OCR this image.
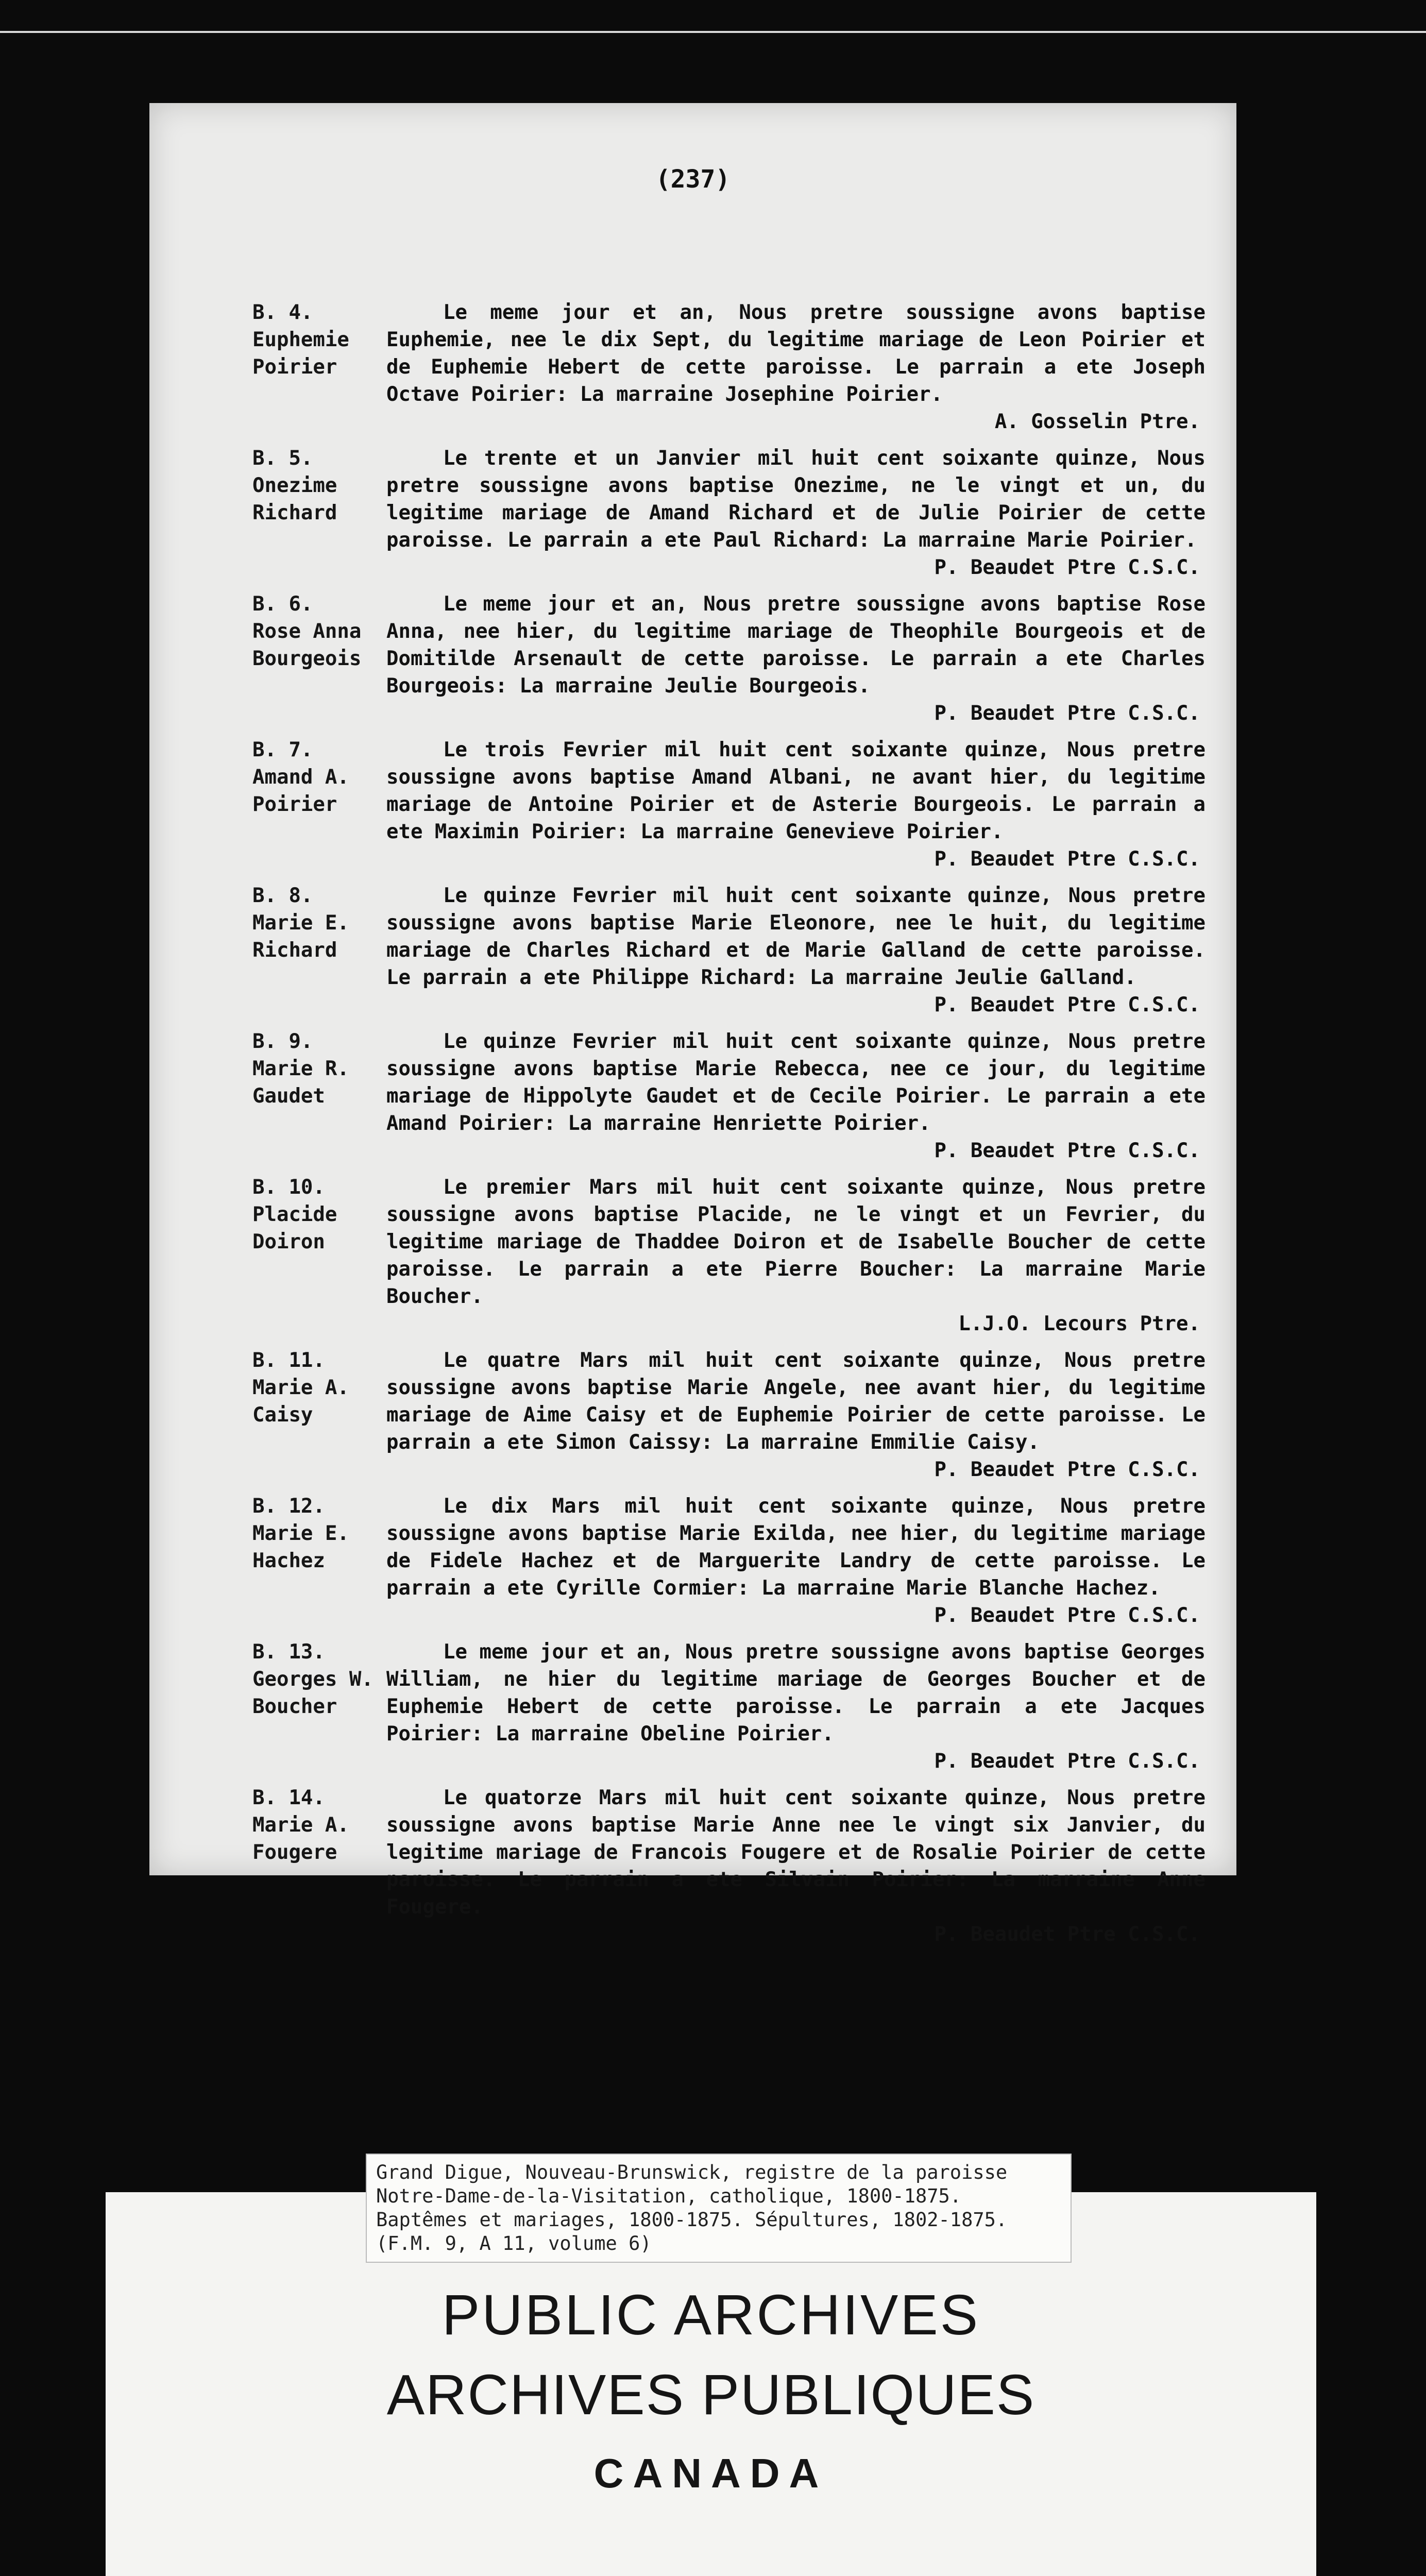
(237)
B. 4.
Euphemie
Poirier
Le meme jour et an, Nous pretre soussigne avons baptise Euphemie, nee le dix Sept, du legitime mariage de Leon Poirier et de Euphemie Hebert de cette paroisse. Le parrain a ete Joseph Octave Poirier: La marraine Josephine Poirier.
A. Gosselin Ptre.
B. 5.
Onezime
Richard
Le trente et un Janvier mil huit cent soixante quinze, Nous pretre soussigne avons baptise Onezime, ne le vingt et un, du legitime mariage de Amand Richard et de Julie Poirier de cette paroisse. Le parrain a ete Paul Richard: La marraine Marie Poirier.
P. Beaudet Ptre C.S.C.
B. 6.
Rose Anna
Bourgeois
Le meme jour et an, Nous pretre soussigne avons baptise Rose Anna, nee hier, du legitime mariage de Theophile Bourgeois et de Domitilde Arsenault de cette paroisse. Le parrain a ete Charles Bourgeois: La marraine Jeulie Bourgeois.
P. Beaudet Ptre C.S.C.
B. 7.
Amand A.
Poirier
Le trois Fevrier mil huit cent soixante quinze, Nous pretre soussigne avons baptise Amand Albani, ne avant hier, du legitime mariage de Antoine Poirier et de Asterie Bourgeois. Le parrain a ete Maximin Poirier: La marraine Genevieve Poirier.
P. Beaudet Ptre C.S.C.
B. 8.
Marie E.
Richard
Le quinze Fevrier mil huit cent soixante quinze, Nous pretre soussigne avons baptise Marie Eleonore, nee le huit, du legitime mariage de Charles Richard et de Marie Galland de cette paroisse. Le parrain a ete Philippe Richard: La marraine Jeulie Galland.
P. Beaudet Ptre C.S.C.
B. 9.
Marie R.
Gaudet
Le quinze Fevrier mil huit cent soixante quinze, Nous pretre soussigne avons baptise Marie Rebecca, nee ce jour, du legitime mariage de Hippolyte Gaudet et de Cecile Poirier. Le parrain a ete Amand Poirier: La marraine Henriette Poirier.
P. Beaudet Ptre C.S.C.
B. 10.
Placide
Doiron
Le premier Mars mil huit cent soixante quinze, Nous pretre soussigne avons baptise Placide, ne le vingt et un Fevrier, du legitime mariage de Thaddee Doiron et de Isabelle Boucher de cette paroisse. Le parrain a ete Pierre Boucher: La marraine Marie Boucher.
L.J.O. Lecours Ptre.
B. 11.
Marie A.
Caisy
Le quatre Mars mil huit cent soixante quinze, Nous pretre soussigne avons baptise Marie Angele, nee avant hier, du legitime mariage de Aime Caisy et de Euphemie Poirier de cette paroisse. Le parrain a ete Simon Caissy: La marraine Emmilie Caisy.
P. Beaudet Ptre C.S.C.
B. 12.
Marie E.
Hachez
Le dix Mars mil huit cent soixante quinze, Nous pretre soussigne avons baptise Marie Exilda, nee hier, du legitime mariage de Fidele Hachez et de Marguerite Landry de cette paroisse. Le parrain a ete Cyrille Cormier: La marraine Marie Blanche Hachez.
P. Beaudet Ptre C.S.C.
B. 13.
Georges W.
Boucher
Le meme jour et an, Nous pretre soussigne avons baptise Georges William, ne hier du legitime mariage de Georges Boucher et de Euphemie Hebert de cette paroisse. Le parrain a ete Jacques Poirier: La marraine Obeline Poirier.
P. Beaudet Ptre C.S.C.
B. 14.
Marie A.
Fougere
Le quatorze Mars mil huit cent soixante quinze, Nous pretre soussigne avons baptise Marie Anne nee le vingt six Janvier, du legitime mariage de Francois Fougere et de Rosalie Poirier de cette paroisse. Le parrain a ete Silvain Poirier: La marraine Anne Fougere.
P. Beaudet Ptre C.S.C.
Grand Digue, Nouveau-Brunswick, registre de la paroisse
Notre-Dame-de-la-Visitation, catholique, 1800-1875.
Baptêmes et mariages, 1800-1875. Sépultures, 1802-1875.
(F.M. 9, A 11, volume 6)
PUBLIC ARCHIVES
ARCHIVES PUBLIQUES
CANADA
